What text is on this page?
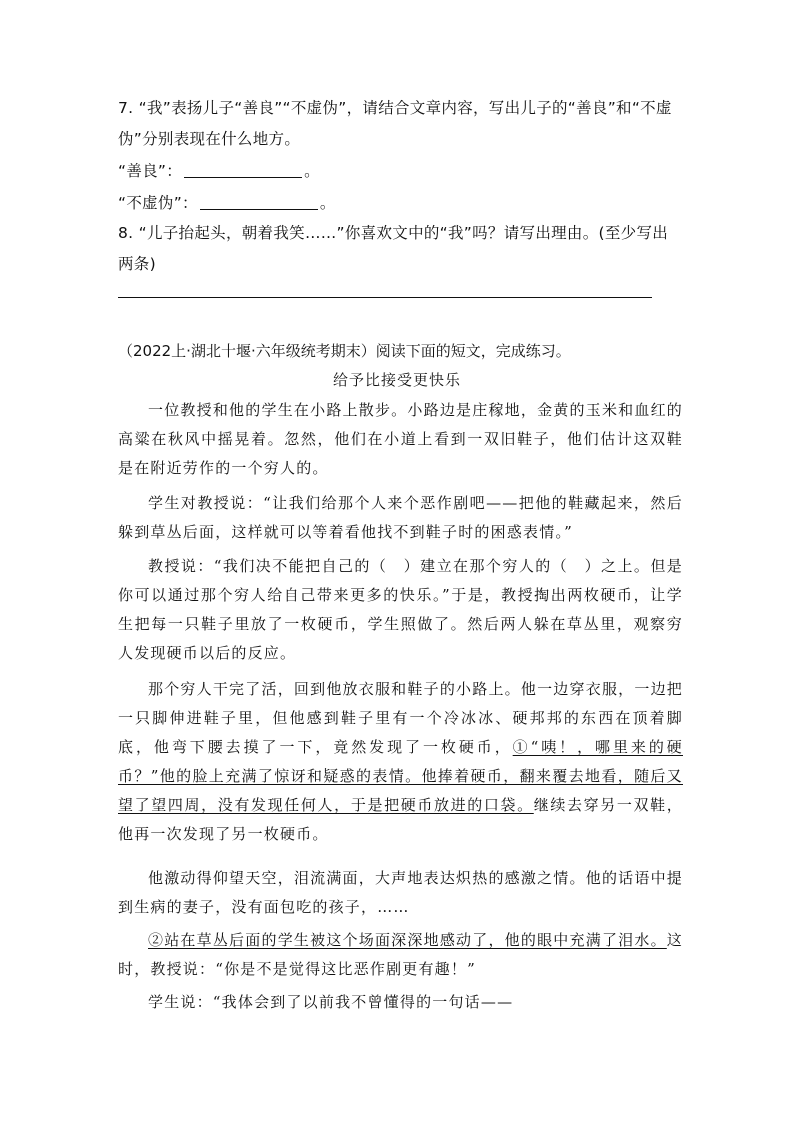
7. “我”表扬儿子“善良”“不虚伪”，请结合文章内容，写出儿子的“善良”和“不虚
伪”分别表现在什么地方。
“善良”：	。
“不虚伪”：	。
8. “儿子抬起头，朝着我笑……”你喜欢文中的“我”吗？请写出理由。(至少写出
两条)
（2022上·湖北十堰·六年级统考期末）阅读下面的短文，完成练习。
给予比接受更快乐
一位教授和他的学生在小路上散步。小路边是庄稼地，金黄的玉米和血红的高粱在秋风中摇晃着。忽然，他们在小道上看到一双旧鞋子，他们估计这双鞋是在附近劳作的一个穷人的。
学生对教授说：“让我们给那个人来个恶作剧吧——把他的鞋藏起来，然后躲到草丛后面，这样就可以等着看他找不到鞋子时的困惑表情。”
教授说：“我们决不能把自己的（　）建立在那个穷人的（　）之上。但是你可以通过那个穷人给自己带来更多的快乐。”于是，教授掏出两枚硬币，让学生把每一只鞋子里放了一枚硬币，学生照做了。然后两人躲在草丛里，观察穷人发现硬币以后的反应。
那个穷人干完了活，回到他放衣服和鞋子的小路上。他一边穿衣服，一边把一只脚伸进鞋子里，但他感到鞋子里有一个冷冰冰、硬邦邦的东西在顶着脚底，他弯下腰去摸了一下，竟然发现了一枚硬币，①“咦！，哪里来的硬币？”他的脸上充满了惊讶和疑惑的表情。他捧着硬币，翻来覆去地看，随后又望了望四周，没有发现任何人，于是把硬币放进的口袋。继续去穿另一双鞋，他再一次发现了另一枚硬币。
他激动得仰望天空，泪流满面，大声地表达炽热的感激之情。他的话语中提到生病的妻子，没有面包吃的孩子，……
②站在草丛后面的学生被这个场面深深地感动了，他的眼中充满了泪水。这时，教授说：“你是不是觉得这比恶作剧更有趣！”
学生说：“我体会到了以前我不曾懂得的一句话——
